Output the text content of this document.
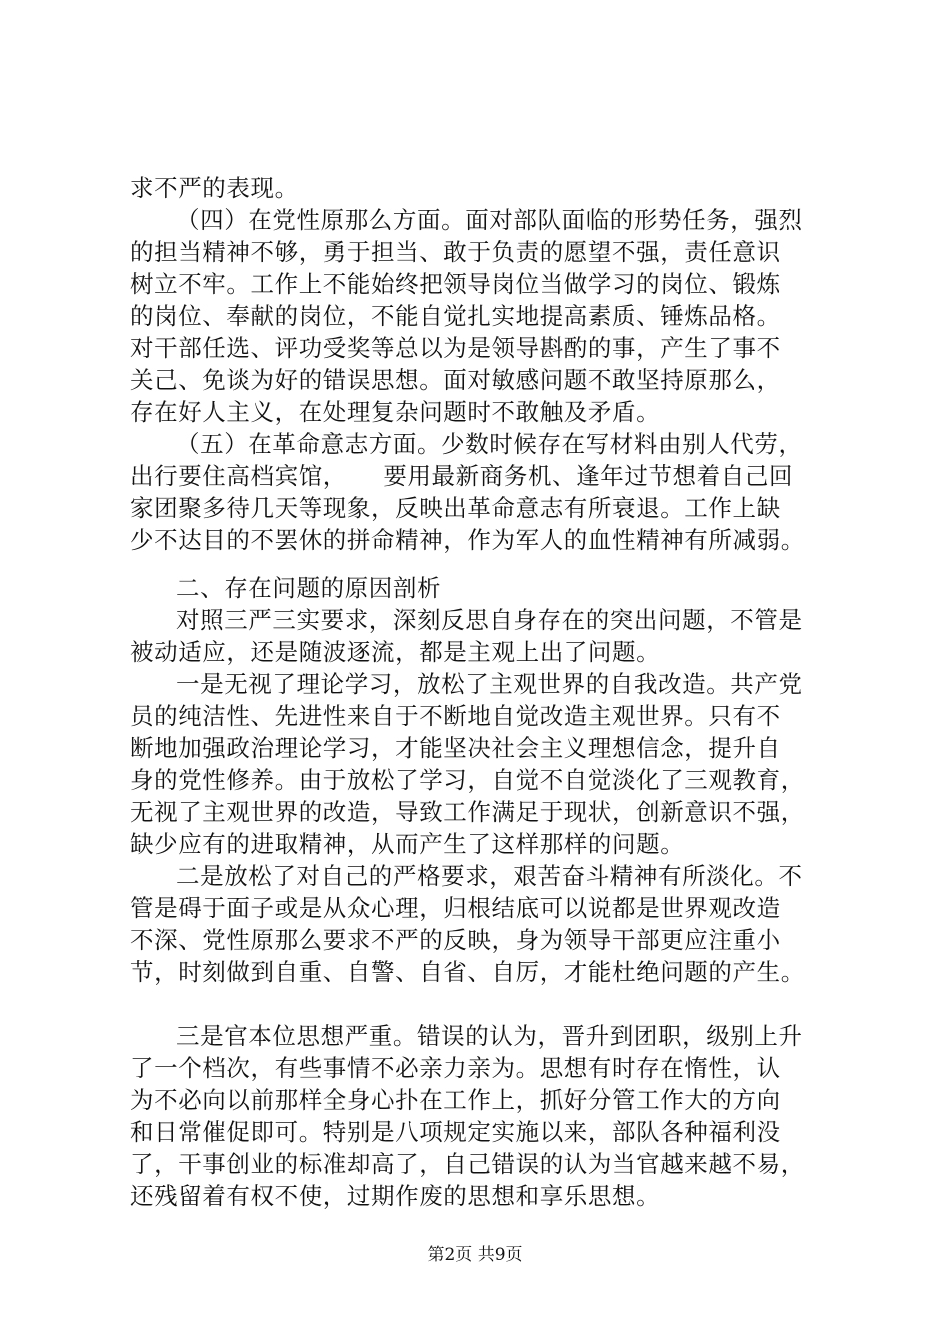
求不严的表现。
（四）在党性原那么方面。面对部队面临的形势任务，强烈
的担当精神不够，勇于担当、敢于负责的愿望不强，责任意识
树立不牢。工作上不能始终把领导岗位当做学习的岗位、锻炼
的岗位、奉献的岗位，不能自觉扎实地提高素质、锤炼品格。
对干部任选、评功受奖等总以为是领导斟酌的事，产生了事不
关己、免谈为好的错误思想。面对敏感问题不敢坚持原那么，
存在好人主义，在处理复杂问题时不敢触及矛盾。
（五）在革命意志方面。少数时候存在写材料由别人代劳，
出行要住高档宾馆，　　要用最新商务机、逢年过节想着自己回
家团聚多待几天等现象，反映出革命意志有所衰退。工作上缺
少不达目的不罢休的拼命精神，作为军人的血性精神有所减弱。
二、存在问题的原因剖析
对照三严三实要求，深刻反思自身存在的突出问题，不管是
被动适应，还是随波逐流，都是主观上出了问题。
一是无视了理论学习，放松了主观世界的自我改造。共产党
员的纯洁性、先进性来自于不断地自觉改造主观世界。只有不
断地加强政治理论学习，才能坚决社会主义理想信念，提升自
身的党性修养。由于放松了学习，自觉不自觉淡化了三观教育，
无视了主观世界的改造，导致工作满足于现状，创新意识不强，
缺少应有的进取精神，从而产生了这样那样的问题。
二是放松了对自己的严格要求，艰苦奋斗精神有所淡化。不
管是碍于面子或是从众心理，归根结底可以说都是世界观改造
不深、党性原那么要求不严的反映，身为领导干部更应注重小
节，时刻做到自重、自警、自省、自厉，才能杜绝问题的产生。
三是官本位思想严重。错误的认为，晋升到团职，级别上升
了一个档次，有些事情不必亲力亲为。思想有时存在惰性，认
为不必向以前那样全身心扑在工作上，抓好分管工作大的方向
和日常催促即可。特别是八项规定实施以来，部队各种福利没
了，干事创业的标准却高了，自己错误的认为当官越来越不易，
还残留着有权不使，过期作废的思想和享乐思想。
第2页 共9页
